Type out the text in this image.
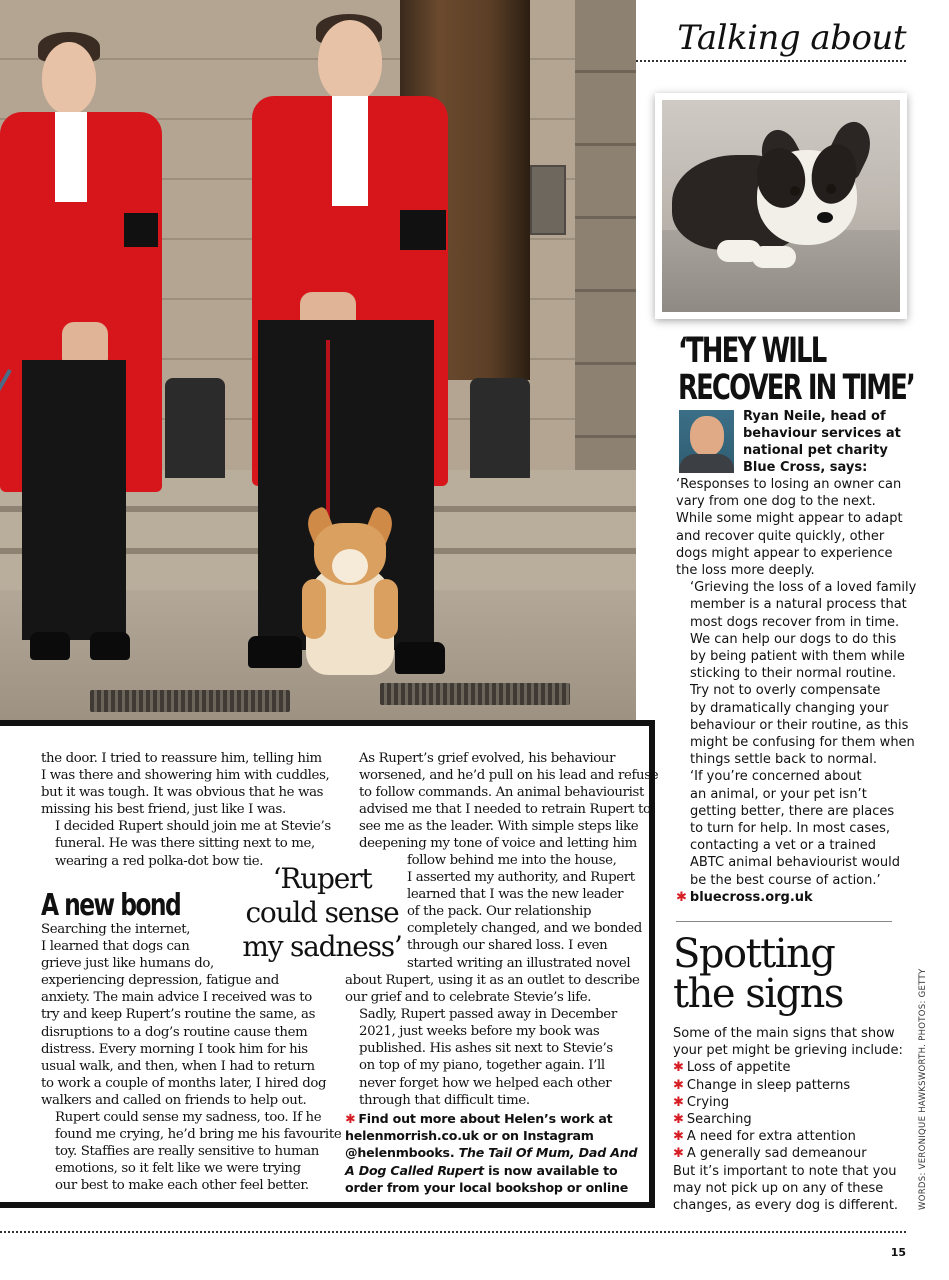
Talking about
‘THEY WILL
RECOVER IN TIME’
Ryan Neile, head of behaviour services at national pet charity Blue Cross, says:

‘Responses to losing an owner can
vary from one dog to the next.
While some might appear to adapt
and recover quite quickly, other
dogs might appear to experience
the loss more deeply.

‘Grieving the loss of a loved family
member is a natural process that
most dogs recover from in time.
We can help our dogs to do this
by being patient with them while
sticking to their normal routine.
Try not to overly compensate
by dramatically changing your
behaviour or their routine, as this
might be confusing for them when
things settle back to normal.

‘If you’re concerned about
an animal, or your pet isn’t
getting better, there are places
to turn for help. In most cases,
contacting a vet or a trained
ABTC animal behaviourist would
be the best course of action.’

✱ bluecross.org.uk

Spotting
the signs

Some of the main signs that show
your pet might be grieving include:

✱ Loss of appetite
✱ Change in sleep patterns
✱ Crying
✱ Searching
✱ A need for extra attention
✱ A generally sad demeanour

But it’s important to note that you
may not pick up on any of these
changes, as every dog is different.

the door. I tried to reassure him, telling him
I was there and showering him with cuddles,
but it was tough. It was obvious that he was
missing his best friend, just like I was.

I decided Rupert should join me at Stevie’s
funeral. He was there sitting next to me,
wearing a red polka-dot bow tie.

A new bond

Searching the internet,
I learned that dogs can
grieve just like humans do,
experiencing depression, fatigue and
anxiety. The main advice I received was to
try and keep Rupert’s routine the same, as
disruptions to a dog’s routine cause them
distress. Every morning I took him for his
usual walk, and then, when I had to return
to work a couple of months later, I hired dog
walkers and called on friends to help out.

Rupert could sense my sadness, too. If he
found me crying, he’d bring me his favourite
toy. Staffies are really sensitive to human
emotions, so it felt like we were trying
our best to make each other feel better.

‘Rupert
could sense
my sadness’

As Rupert’s grief evolved, his behaviour
worsened, and he’d pull on his lead and refuse
to follow commands. An animal behaviourist
advised me that I needed to retrain Rupert to
see me as the leader. With simple steps like
deepening my tone of voice and letting him

follow behind me into the house,
I asserted my authority, and Rupert
learned that I was the new leader
of the pack. Our relationship
completely changed, and we bonded
through our shared loss. I even
started writing an illustrated novel

about Rupert, using it as an outlet to describe
our grief and to celebrate Stevie’s life.

Sadly, Rupert passed away in December
2021, just weeks before my book was
published. His ashes sit next to Stevie’s
on top of my piano, together again. I’ll
never forget how we helped each other
through that difficult time.

✱ Find out more about Helen’s work at
helenmorrish.co.uk or on Instagram
@helenmbooks. The Tail Of Mum, Dad And
A Dog Called Rupert is now available to
order from your local bookshop or online	WORDS: VERONIQUE HAWKSWORTH. PHOTOS: GETTY
15
